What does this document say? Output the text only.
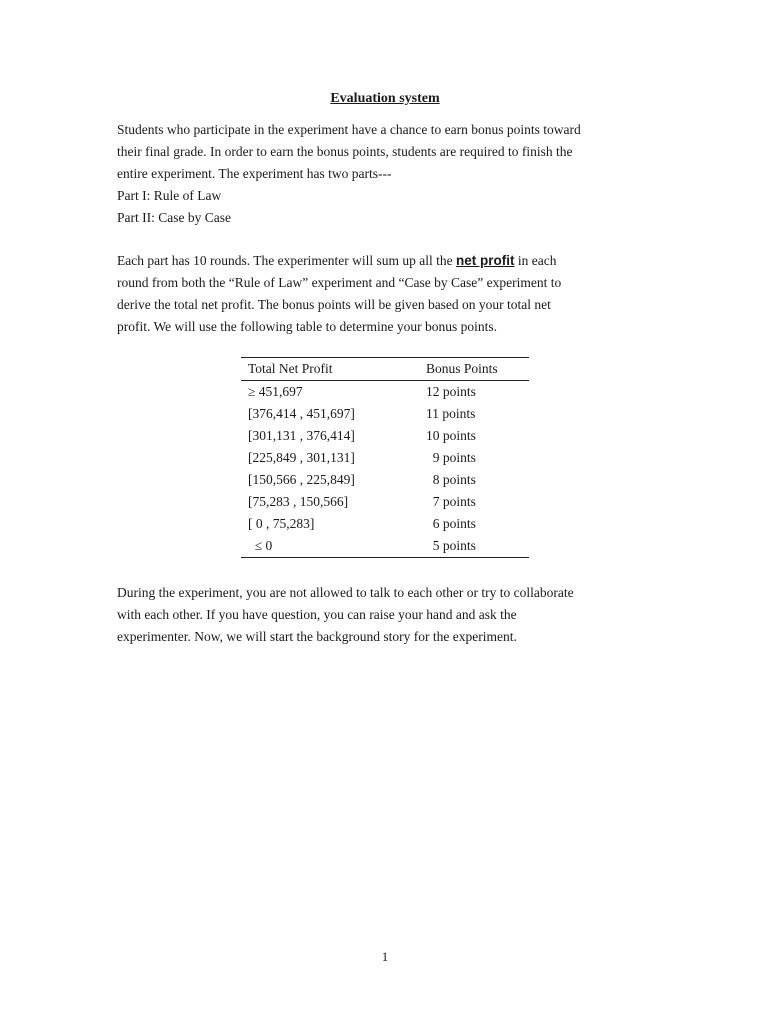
Evaluation system
Students who participate in the experiment have a chance to earn bonus points toward
their final grade. In order to earn the bonus points, students are required to finish the
entire experiment. The experiment has two parts---
Part I: Rule of Law
Part II: Case by Case
Each part has 10 rounds. The experimenter will sum up all the net profit in each
round from both the “Rule of Law” experiment and “Case by Case” experiment to
derive the total net profit. The bonus points will be given based on your total net
profit. We will use the following table to determine your bonus points.
Total Net Profit	Bonus Points
≥ 451,697	12 points
[376,414 , 451,697]	11 points
[301,131 , 376,414]	10 points
[225,849 , 301,131]	9 points
[150,566 , 225,849]	8 points
[75,283 , 150,566]	7 points
[ 0 , 75,283]	6 points
≤ 0	5 points
During the experiment, you are not allowed to talk to each other or try to collaborate
with each other. If you have question, you can raise your hand and ask the
experimenter. Now, we will start the background story for the experiment.
1
